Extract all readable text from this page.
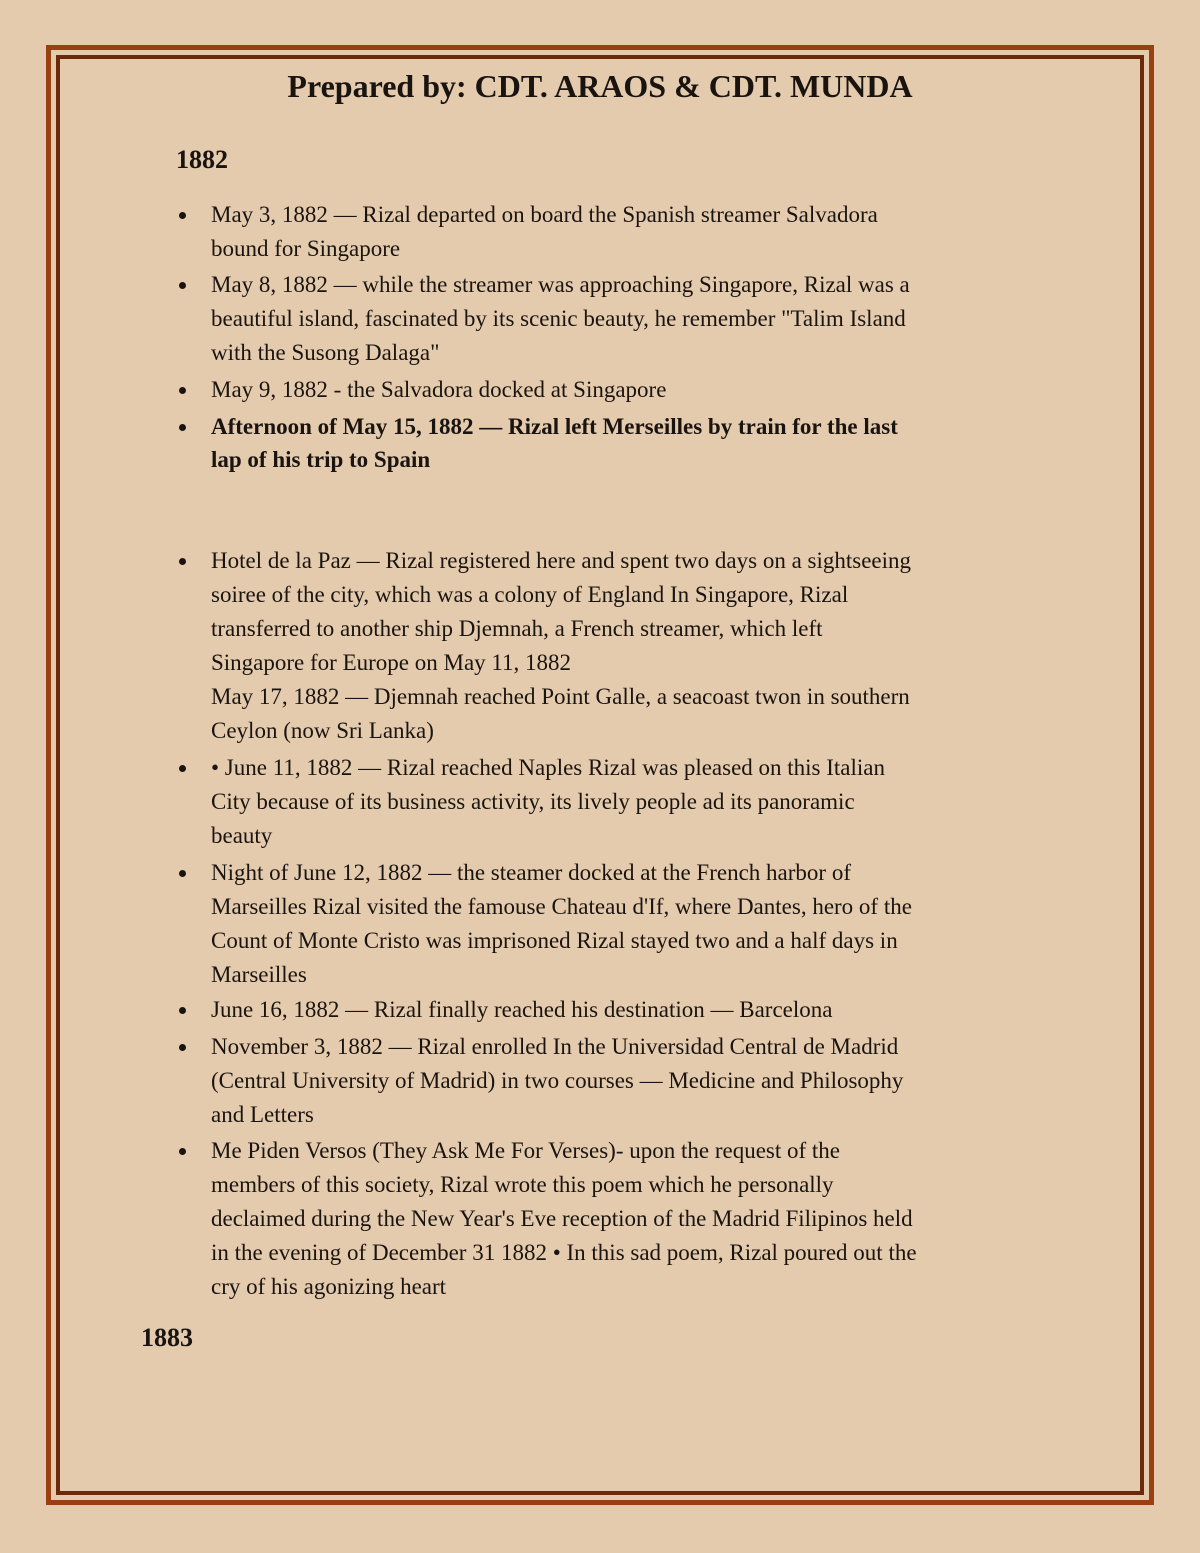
Prepared by: CDT. ARAOS & CDT. MUNDA
1882
May 3, 1882 — Rizal departed on board the Spanish streamer Salvadora
bound for Singapore
May 8, 1882 — while the streamer was approaching Singapore, Rizal was a
beautiful island, fascinated by its scenic beauty, he remember "Talim Island
with the Susong Dalaga"
May 9, 1882 - the Salvadora docked at Singapore
Afternoon of May 15, 1882 — Rizal left Merseilles by train for the last
lap of his trip to Spain
Hotel de la Paz — Rizal registered here and spent two days on a sightseeing
soiree of the city, which was a colony of England In Singapore, Rizal
transferred to another ship Djemnah, a French streamer, which left
Singapore for Europe on May 11, 1882
May 17, 1882 — Djemnah reached Point Galle, a seacoast twon in southern
Ceylon (now Sri Lanka)
• June 11, 1882 — Rizal reached Naples Rizal was pleased on this Italian
City because of its business activity, its lively people ad its panoramic
beauty
Night of June 12, 1882 — the steamer docked at the French harbor of
Marseilles Rizal visited the famouse Chateau d'If, where Dantes, hero of the
Count of Monte Cristo was imprisoned Rizal stayed two and a half days in
Marseilles
June 16, 1882 — Rizal finally reached his destination — Barcelona
November 3, 1882 — Rizal enrolled In the Universidad Central de Madrid
(Central University of Madrid) in two courses — Medicine and Philosophy
and Letters
Me Piden Versos (They Ask Me For Verses)- upon the request of the
members of this society, Rizal wrote this poem which he personally
declaimed during the New Year's Eve reception of the Madrid Filipinos held
in the evening of December 31 1882 • In this sad poem, Rizal poured out the
cry of his agonizing heart
1883
